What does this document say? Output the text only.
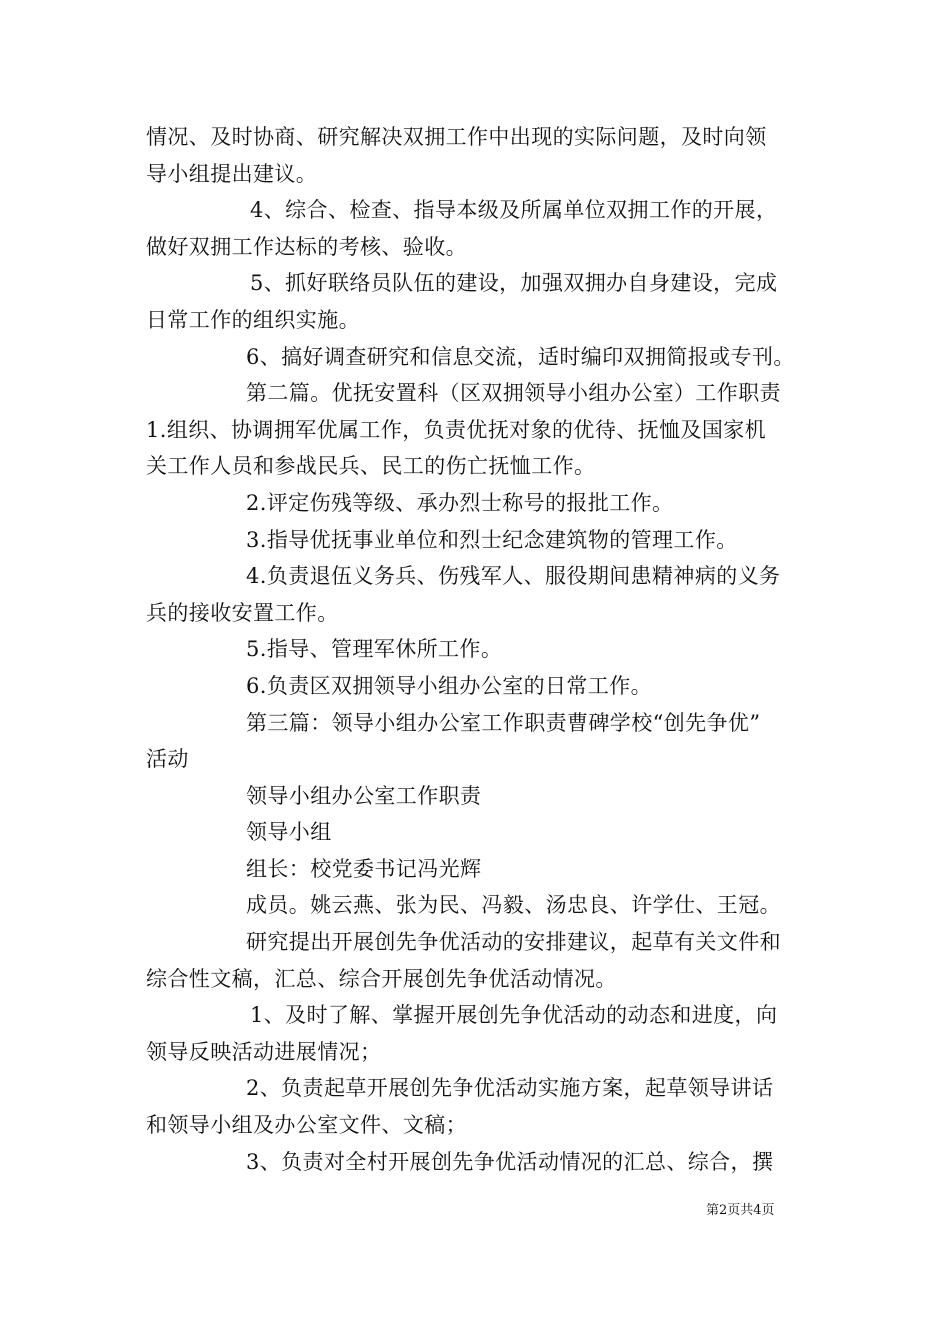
情况、及时协商、研究解决双拥工作中出现的实际问题，及时向领
导小组提出建议。
4、综合、检查、指导本级及所属单位双拥工作的开展，
做好双拥工作达标的考核、验收。
5、抓好联络员队伍的建设，加强双拥办自身建设，完成
日常工作的组织实施。
6、搞好调查研究和信息交流，适时编印双拥简报或专刊。
第二篇。优抚安置科（区双拥领导小组办公室）工作职责
1.组织、协调拥军优属工作，负责优抚对象的优待、抚恤及国家机
关工作人员和参战民兵、民工的伤亡抚恤工作。
2.评定伤残等级、承办烈士称号的报批工作。
3.指导优抚事业单位和烈士纪念建筑物的管理工作。
4.负责退伍义务兵、伤残军人、服役期间患精神病的义务
兵的接收安置工作。
5.指导、管理军休所工作。
6.负责区双拥领导小组办公室的日常工作。
第三篇：领导小组办公室工作职责曹碑学校“创先争优”
活动
领导小组办公室工作职责
领导小组
组长：校党委书记冯光辉
成员。姚云燕、张为民、冯毅、汤忠良、许学仕、王冠。
研究提出开展创先争优活动的安排建议，起草有关文件和
综合性文稿，汇总、综合开展创先争优活动情况。
1、及时了解、掌握开展创先争优活动的动态和进度，向
领导反映活动进展情况；
2、负责起草开展创先争优活动实施方案，起草领导讲话
和领导小组及办公室文件、文稿；
3、负责对全村开展创先争优活动情况的汇总、综合，撰
第2页共4页
